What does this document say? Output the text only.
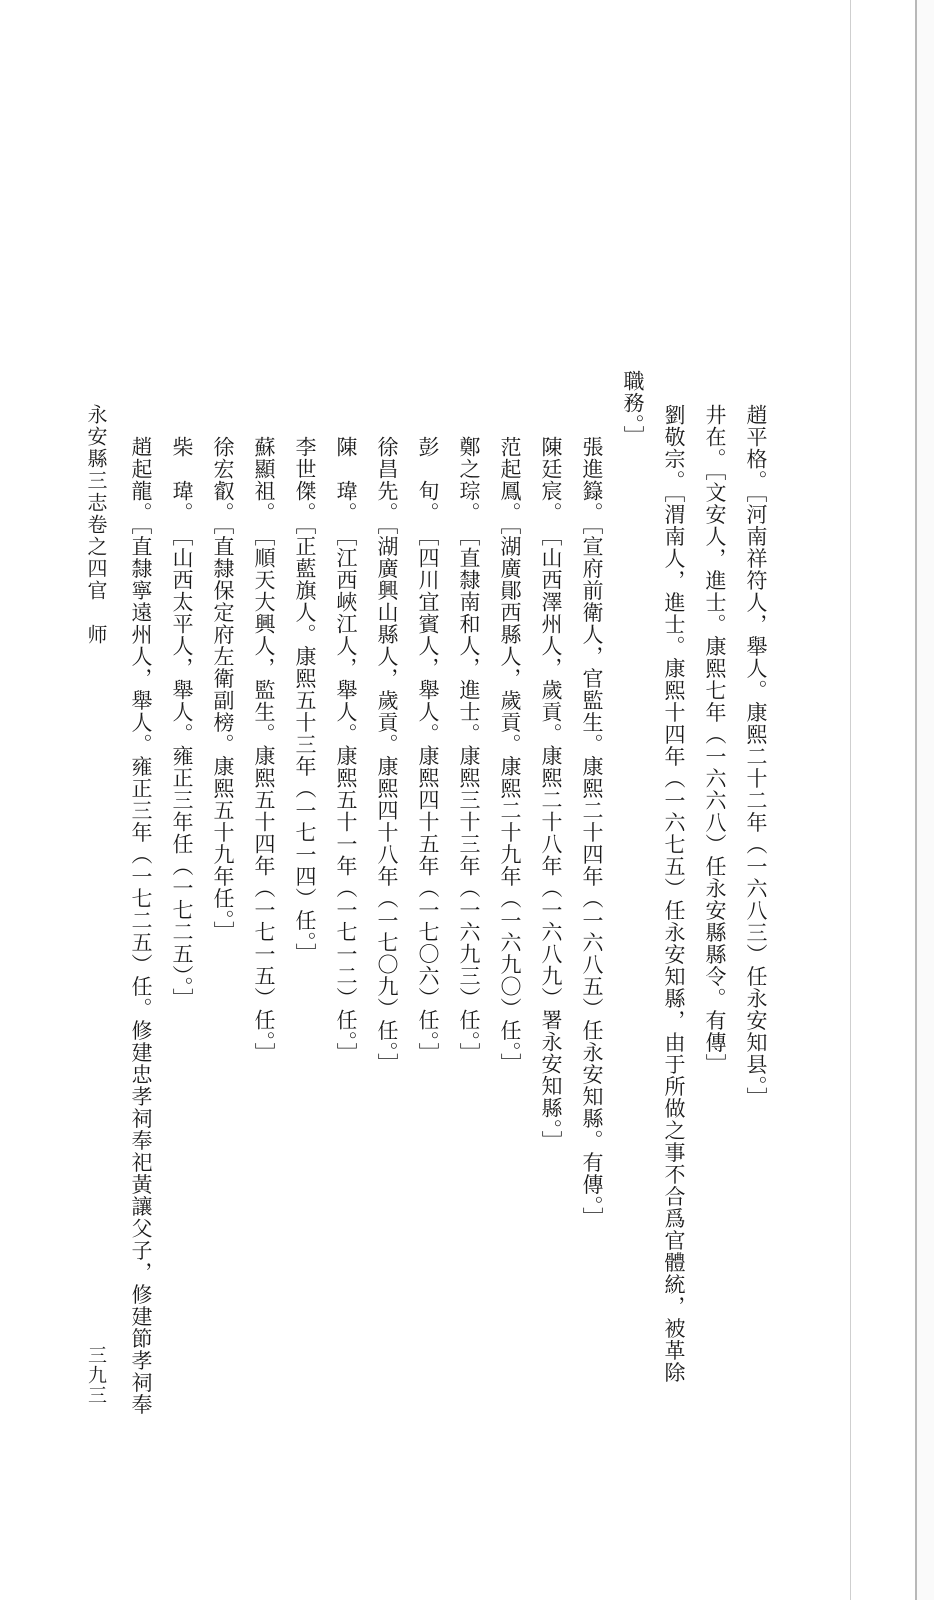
趙平格。［河南祥符人，舉人。康熙二十二年（一六八三）任永安知县。］

井在。［文安人，進士。康熙七年（一六六八）任永安縣縣令。有傳］

劉敬宗。［渭南人，進士。康熙十四年（一六七五）任永安知縣，由于所做之事不合爲官體統，被革除

職務。］

張進籙。［宣府前衛人，官監生。康熙二十四年（一六八五）任永安知縣。有傳。］

陳廷宸。　［山西澤州人，歲貢。康熙二十八年（一六八九）署永安知縣。］

范起鳳。［湖廣鄖西縣人，歲貢。康熙二十九年（一六九〇）任。］

鄭之琮。　［直隸南和人，進士。康熙三十三年（一六九三）任。］

彭　旬。　［四川宜賓人，舉人。康熙四十五年（一七〇六）任。］

徐昌先。［湖廣興山縣人，歲貢。康熙四十八年（一七〇九）任。］

陳　瑋。　［江西峽江人，舉人。康熙五十一年（一七一二）任。］

李世傑。［正藍旗人。康熙五十三年（一七一四）任。］

蘇顯祖。　［順天大興人，監生。康熙五十四年（一七一五）任。］

徐宏叡。［直隸保定府左衛副榜。康熙五十九年任。］

柴　瑋。　［山西太平人，舉人。雍正三年任（一七二五）。］

趙起龍。［直隸寧遠州人，舉人。雍正三年（一七二五）任。修建忠孝祠奉祀黃讓父子，修建節孝祠奉

永安縣三志卷之四

官　师

三九三
